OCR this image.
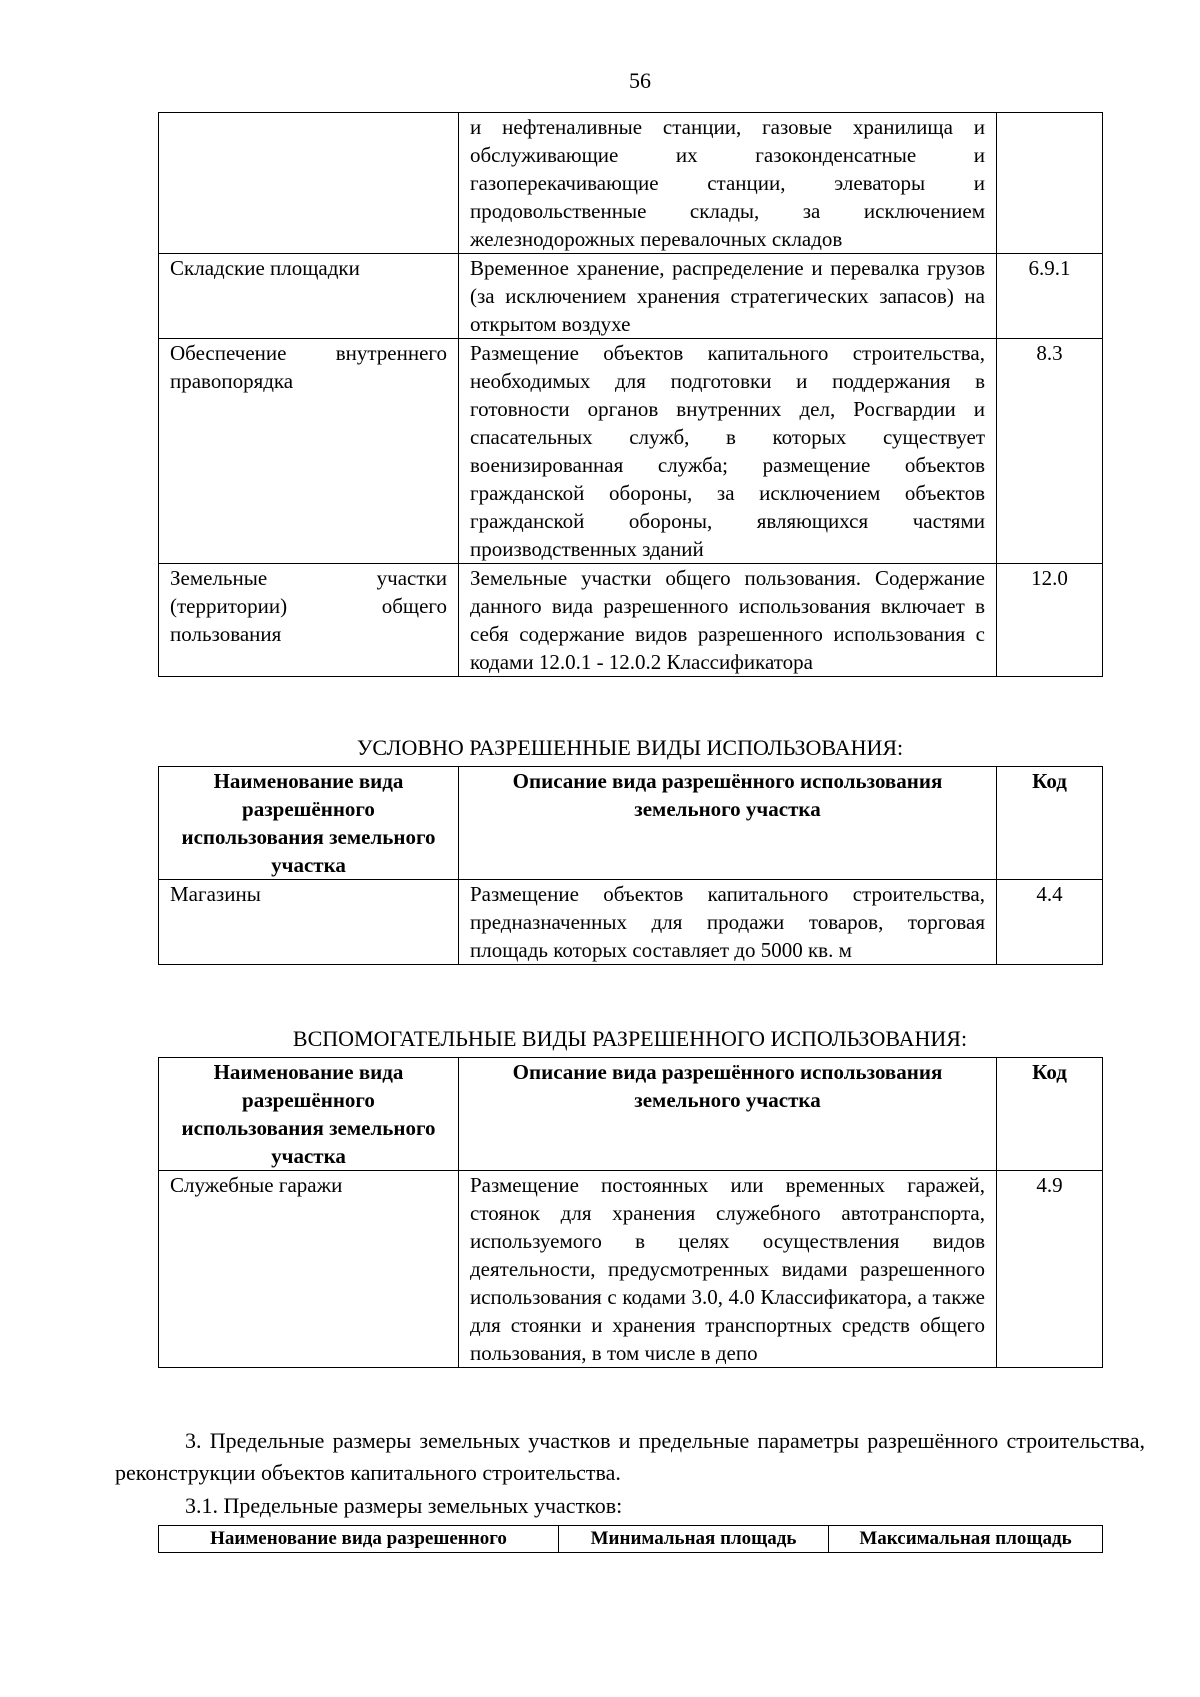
56
	и нефтеналивные станции, газовые хранилища и обслуживающие их газоконденсатные и газоперекачивающие станции, элеваторы и продовольственные склады, за исключением железнодорожных перевалочных складов	
Складские площадки	Временное хранение, распределение и перевалка грузов (за исключением хранения стратегических запасов) на открытом воздухе	6.9.1
Обеспечение внутреннего правопорядка	Размещение объектов капитального строительства, необходимых для подготовки и поддержания в готовности органов внутренних дел, Росгвардии и спасательных служб, в которых существует военизированная служба; размещение объектов гражданской обороны, за исключением объектов гражданской обороны, являющихся частями производственных зданий	8.3
Земельные участки (территории) общего пользования	Земельные участки общего пользования. Содержание данного вида разрешенного использования включает в себя содержание видов разрешенного использования с кодами 12.0.1 - 12.0.2 Классификатора	12.0
УСЛОВНО РАЗРЕШЕННЫЕ ВИДЫ ИСПОЛЬЗОВАНИЯ:
Наименование вида разрешённого использования земельного участка	Описание вида разрешённого использования земельного участка	Код
Магазины	Размещение объектов капитального строительства, предназначенных для продажи товаров, торговая площадь которых составляет до 5000 кв. м	4.4
ВСПОМОГАТЕЛЬНЫЕ ВИДЫ РАЗРЕШЕННОГО ИСПОЛЬЗОВАНИЯ:
Наименование вида разрешённого использования земельного участка	Описание вида разрешённого использования земельного участка	Код
Служебные гаражи	Размещение постоянных или временных гаражей, стоянок для хранения служебного автотранспорта, используемого в целях осуществления видов деятельности, предусмотренных видами разрешенного использования с кодами 3.0, 4.0 Классификатора, а также для стоянки и хранения транспортных средств общего пользования, в том числе в депо	4.9
3. Предельные размеры земельных участков и предельные параметры разрешённого строительства, реконструкции объектов капитального строительства.
3.1. Предельные размеры земельных участков:
Наименование вида разрешенного	Минимальная площадь	Максимальная площадь
